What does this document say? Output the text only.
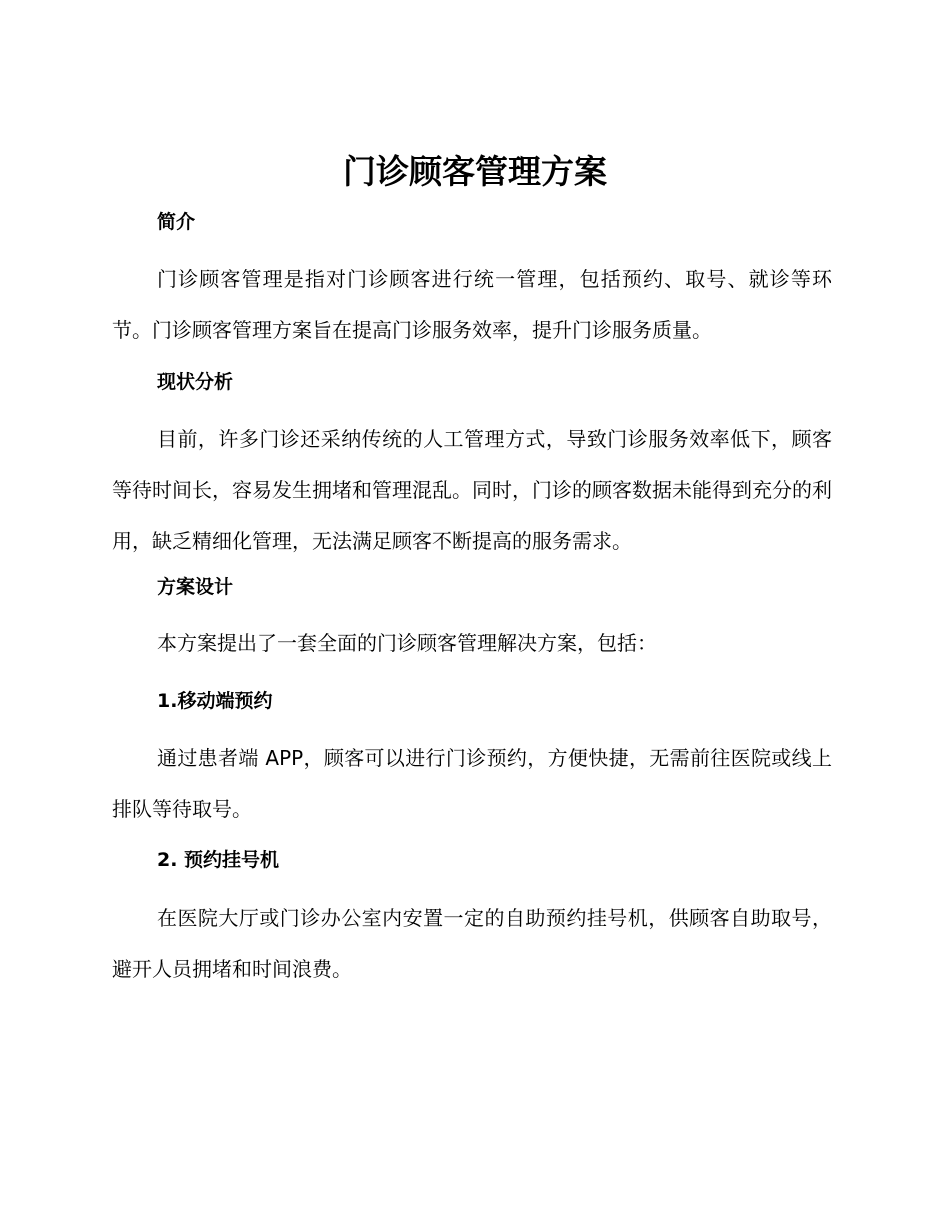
门诊顾客管理方案
简介

门诊顾客管理是指对门诊顾客进行统一管理，包括预约、取号、就诊等环节。门诊顾客管理方案旨在提高门诊服务效率，提升门诊服务质量。

现状分析

目前，许多门诊还采纳传统的人工管理方式，导致门诊服务效率低下，顾客等待时间长，容易发生拥堵和管理混乱。同时，门诊的顾客数据未能得到充分的利用，缺乏精细化管理，无法满足顾客不断提高的服务需求。

方案设计

本方案提出了一套全面的门诊顾客管理解决方案，包括：

1.移动端预约

通过患者端 APP，顾客可以进行门诊预约，方便快捷，无需前往医院或线上排队等待取号。

2. 预约挂号机

在医院大厅或门诊办公室内安置一定的自助预约挂号机，供顾客自助取号，避开人员拥堵和时间浪费。
